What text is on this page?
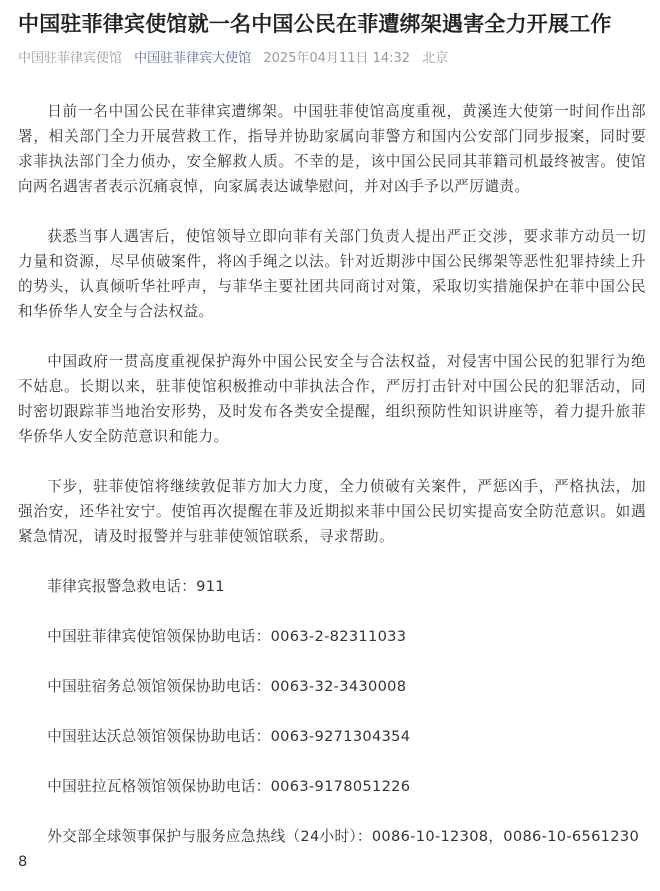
中国驻菲律宾使馆就一名中国公民在菲遭绑架遇害全力开展工作
中国驻菲律宾使馆 中国驻菲律宾大使馆 2025年04月11日 14:32 北京

日前一名中国公民在菲律宾遭绑架。中国驻菲使馆高度重视，黄溪连大使第一时间作出部署，相关部门全力开展营救工作，指导并协助家属向菲警方和国内公安部门同步报案，同时要求菲执法部门全力侦办，安全解救人质。不幸的是，该中国公民同其菲籍司机最终被害。使馆向两名遇害者表示沉痛哀悼，向家属表达诚挚慰问，并对凶手予以严厉谴责。

获悉当事人遇害后，使馆领导立即向菲有关部门负责人提出严正交涉，要求菲方动员一切力量和资源，尽早侦破案件，将凶手绳之以法。针对近期涉中国公民绑架等恶性犯罪持续上升的势头，认真倾听华社呼声，与菲华主要社团共同商讨对策，采取切实措施保护在菲中国公民和华侨华人安全与合法权益。

中国政府一贯高度重视保护海外中国公民安全与合法权益，对侵害中国公民的犯罪行为绝不姑息。长期以来，驻菲使馆积极推动中菲执法合作，严厉打击针对中国公民的犯罪活动，同时密切跟踪菲当地治安形势，及时发布各类安全提醒，组织预防性知识讲座等，着力提升旅菲华侨华人安全防范意识和能力。

下步，驻菲使馆将继续敦促菲方加大力度，全力侦破有关案件，严惩凶手，严格执法，加强治安，还华社安宁。使馆再次提醒在菲及近期拟来菲中国公民切实提高安全防范意识。如遇紧急情况，请及时报警并与驻菲使领馆联系，寻求帮助。

菲律宾报警急救电话：911

中国驻菲律宾使馆领保协助电话：0063-2-82311033

中国驻宿务总领馆领保协助电话：0063-32-3430008

中国驻达沃总领馆领保协助电话：0063-9271304354

中国驻拉瓦格领馆领保协助电话：0063-9178051226

外交部全球领事保护与服务应急热线（24小时）：0086-10-12308，0086-10-65612308
